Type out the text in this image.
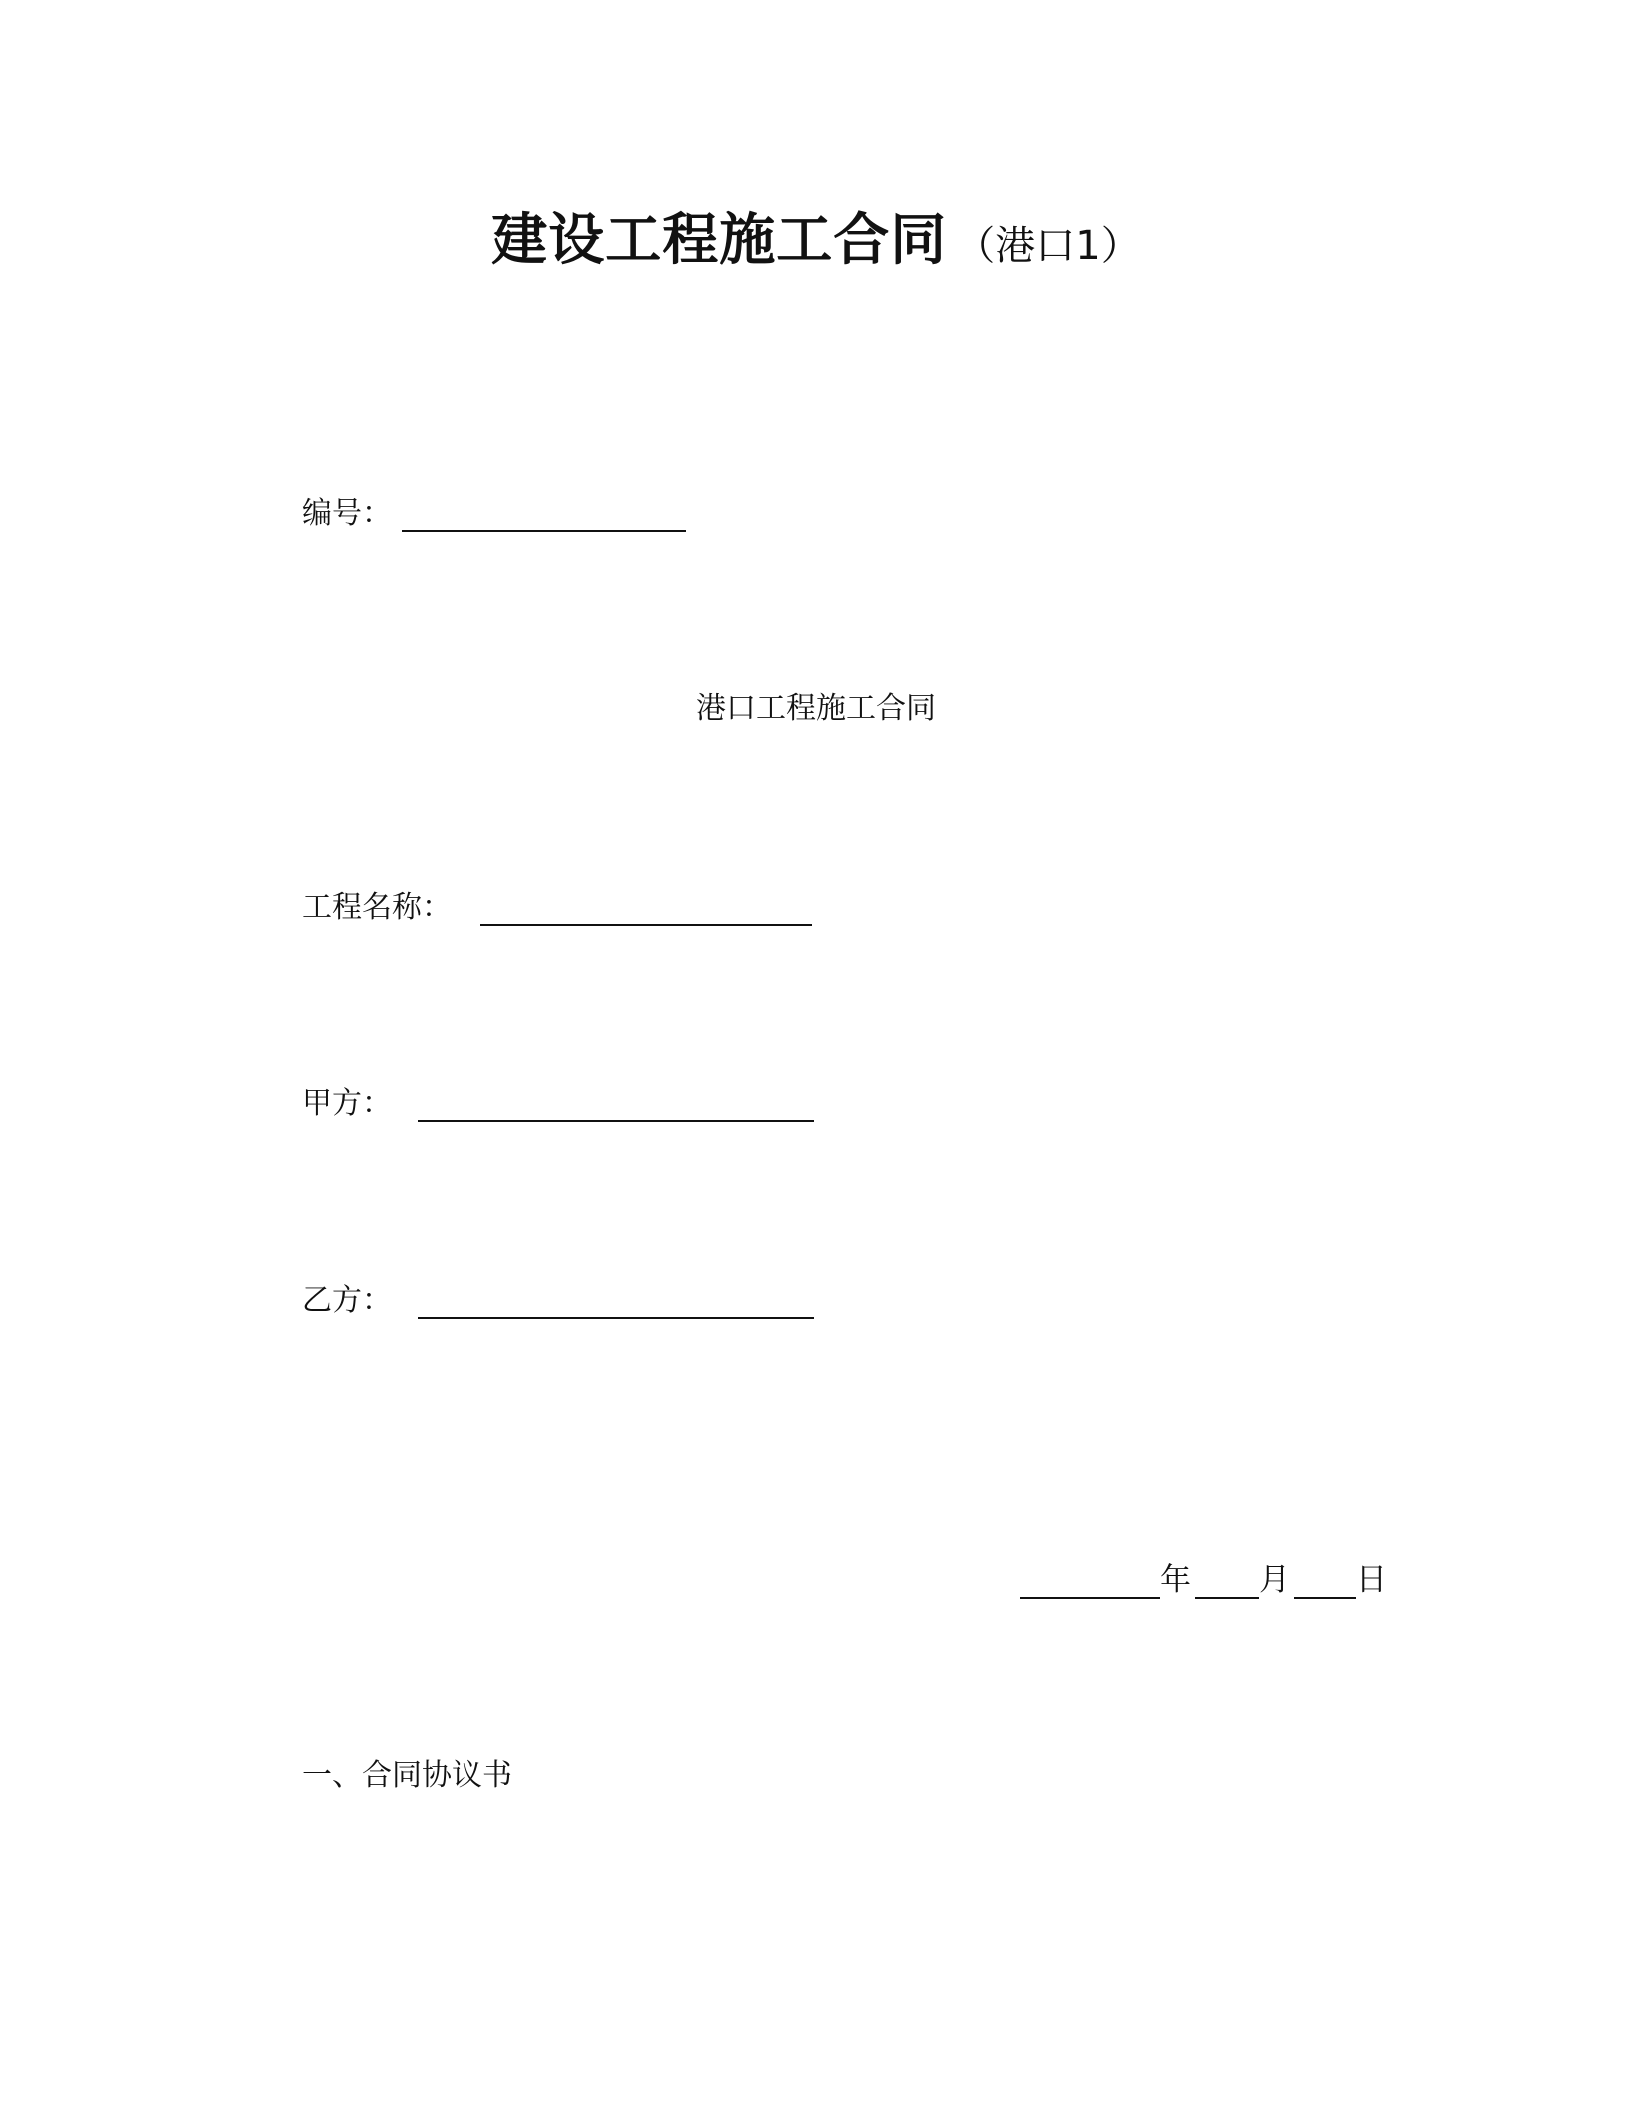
建设工程施工合同 （港口1）
编号：
港口工程施工合同
工程名称：
甲方：
乙方：
年 月 日
一、合同协议书
